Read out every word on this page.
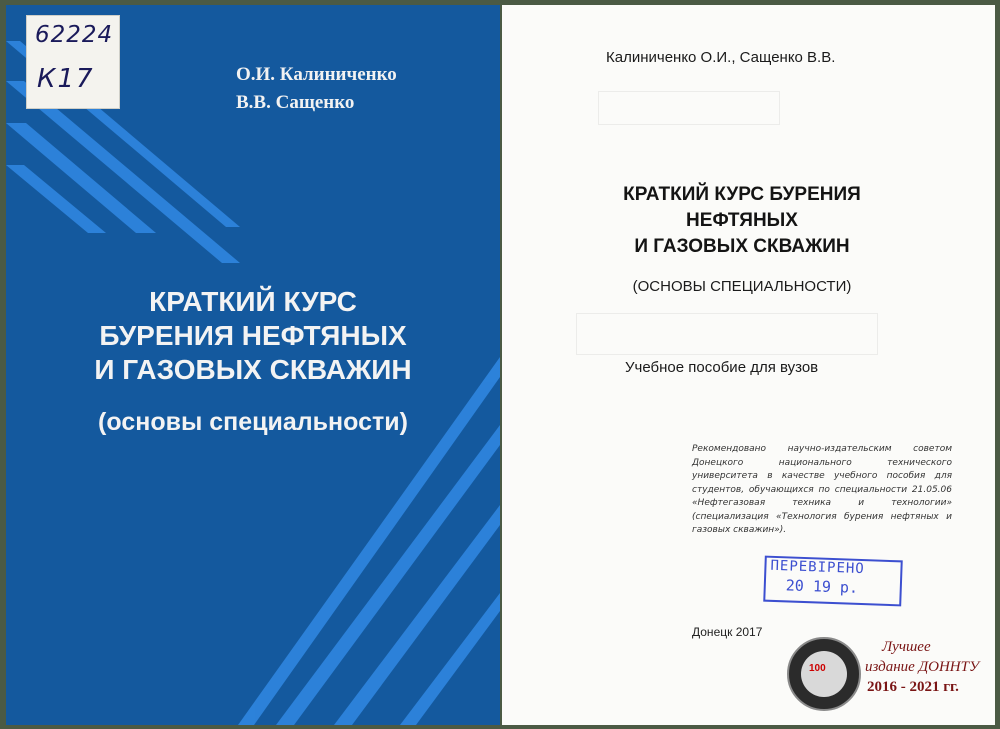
62224
К17	О.И. Калиниченко
В.В. Сащенко
КРАТКИЙ КУРС
БУРЕНИЯ НЕФТЯНЫХ
И ГАЗОВЫХ СКВАЖИН
(основы специальности)
Калиниченко О.И., Сащенко В.В.
КРАТКИЙ КУРС БУРЕНИЯ
НЕФТЯНЫХ
И ГАЗОВЫХ СКВАЖИН
(ОСНОВЫ СПЕЦИАЛЬНОСТИ)
Учебное пособие для вузов
Рекомендовано научно-издательским советом Донецкого национального технического университета в качестве учебного пособия для студентов, обучающихся по специальности 21.05.06 «Нефтегазовая техника и технологии» (специализация «Технология бурения нефтяных и газовых скважин»).
ПЕРЕВІРЕНО
20 19 р.
Донецк 2017
100
Лучшее
издание ДОННТУ
2016 - 2021 гг.
